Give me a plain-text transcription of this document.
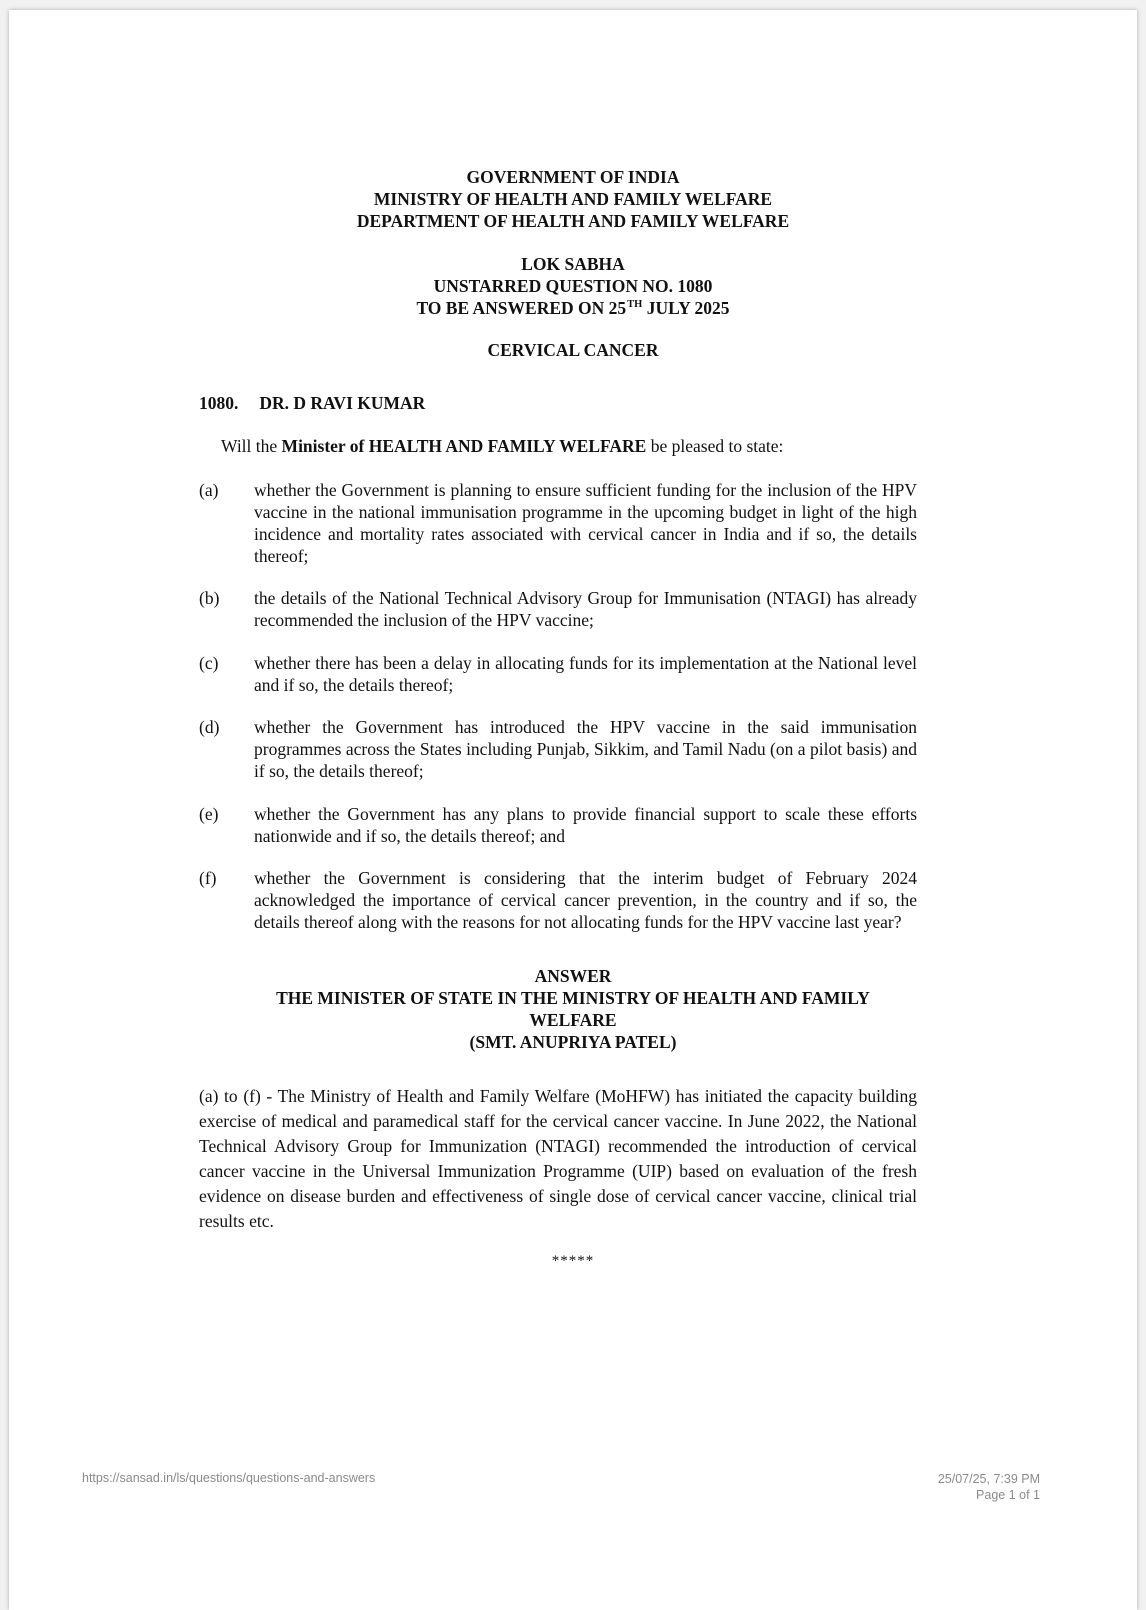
GOVERNMENT OF INDIA
MINISTRY OF HEALTH AND FAMILY WELFARE
DEPARTMENT OF HEALTH AND FAMILY WELFARE
LOK SABHA
UNSTARRED QUESTION NO. 1080
TO BE ANSWERED ON 25TH JULY 2025
CERVICAL CANCER
1080. DR. D RAVI KUMAR
Will the Minister of HEALTH AND FAMILY WELFARE be pleased to state:
(a) whether the Government is planning to ensure sufficient funding for the inclusion of the HPV vaccine in the national immunisation programme in the upcoming budget in light of the high incidence and mortality rates associated with cervical cancer in India and if so, the details thereof;
(b) the details of the National Technical Advisory Group for Immunisation (NTAGI) has already recommended the inclusion of the HPV vaccine;
(c) whether there has been a delay in allocating funds for its implementation at the National level and if so, the details thereof;
(d) whether the Government has introduced the HPV vaccine in the said immunisation programmes across the States including Punjab, Sikkim, and Tamil Nadu (on a pilot basis) and if so, the details thereof;
(e) whether the Government has any plans to provide financial support to scale these efforts nationwide and if so, the details thereof; and
(f) whether the Government is considering that the interim budget of February 2024 acknowledged the importance of cervical cancer prevention, in the country and if so, the details thereof along with the reasons for not allocating funds for the HPV vaccine last year?
ANSWER
THE MINISTER OF STATE IN THE MINISTRY OF HEALTH AND FAMILY
WELFARE
(SMT. ANUPRIYA PATEL)
(a) to (f) - The Ministry of Health and Family Welfare (MoHFW) has initiated the capacity building exercise of medical and paramedical staff for the cervical cancer vaccine. In June 2022, the National Technical Advisory Group for Immunization (NTAGI) recommended the introduction of cervical cancer vaccine in the Universal Immunization Programme (UIP) based on evaluation of the fresh evidence on disease burden and effectiveness of single dose of cervical cancer vaccine, clinical trial results etc.
*****
https://sansad.in/ls/questions/questions-and-answers	25/07/25, 7:39 PM
Page 1 of 1
